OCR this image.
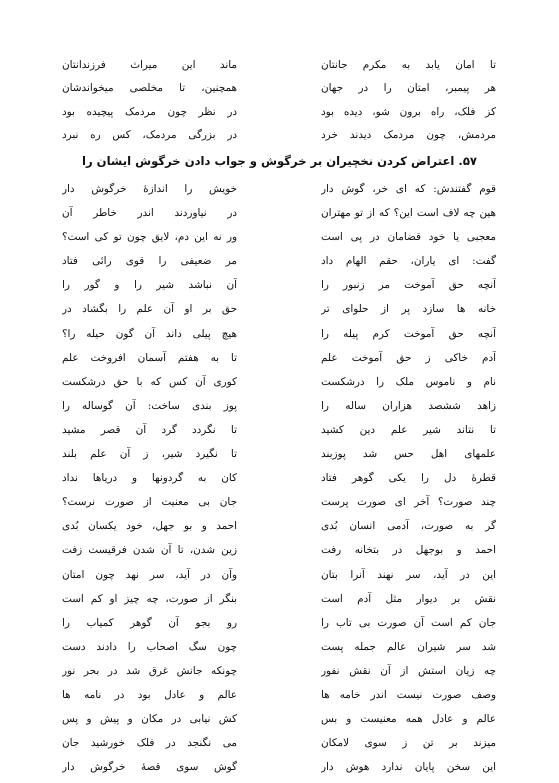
تا امان یابد به مکرم جانتان
ماند این میراث فرزندانتان
هر پیمبر، امتان را در جهان
همچنین، تا مخلصی میخواندشان
کز فلک، راه برون شو، دیده بود
در نظر چون مردمک پیچیده بود
مردمش، چون مردمک دیدند خرد
در بزرگی مردمک، کس ره نبرد
۵۷. اعتراض کردن نخچیران بر خرگوش و جواب دادن خرگوش ایشان را
قوم گفتندش: که ای خر، گوش دار
خویش را اندازهٔ خرگوش دار
هین چه لاف است این؟ که از تو مهتران
در نیاوردند اندر خاطر آن
معجبی یا خود قضامان در پی است
ور نه این دم، لایق چون تو کی است؟
گفت: ای یاران، حقم الهام داد
مر ضعیفی را قوی رائی فتاد
آنچه حق آموخت مر زنبور را
آن نباشد شیر را و گور را
خانه ها سازد پر از حلوای تر
حق بر او آن علم را بگشاد در
آنچه حق آموخت کرم پیله را
هیچ پیلی داند آن گون حیله را؟
آدم خاکی ز حق آموخت علم
تا به هفتم آسمان افروخت علم
نام و ناموس ملک را درشکست
کوری آن کس که با حق درشکست
زاهد ششصد هزاران ساله را
پوز بندی ساخت: آن گوساله را
تا نتاند شیر علم دین کشید
تا نگردد گرد آن قصر مشید
علمهای اهل حس شد پوزبند
تا نگیرد شیر، ز آن علم بلند
قطرهٔ دل را یکی گوهر فتاد
کان به گردونها و دریاها نداد
چند صورت؟ آخر ای صورت پرست
جان بی معنیت از صورت نرست؟
گر به صورت، آدمی انسان بُدی
احمد و بو جهل، خود یکسان بُدی
احمد و بوجهل در بتخانه رفت
زین شدن، تا آن شدن فرقیست زفت
این در آید، سر نهند آنرا بتان
وآن در آید، سر نهد چون امتان
نقش بر دیوار مثل آدم است
بنگر از صورت، چه چیز او کم است
جان کم است آن صورت بی تاب را
رو بجو آن گوهر کمیاب را
شد سر شیران عالم جمله پست
چون سگ اصحاب را دادند دست
چه زیان استش از آن نقش نفور
چونکه جانش غرق شد در بحر نور
وصف صورت نیست اندر خامه ها
عالم و عادل بود در نامه ها
عالم و عادل همه معنیست و بس
کش نیابی در مکان و پیش و پس
میزند بر تن ز سوی لامکان
می نگنجد در فلک خورشید جان
این سخن پایان ندارد هوش دار
گوش سوی قصهٔ خرگوش دار
